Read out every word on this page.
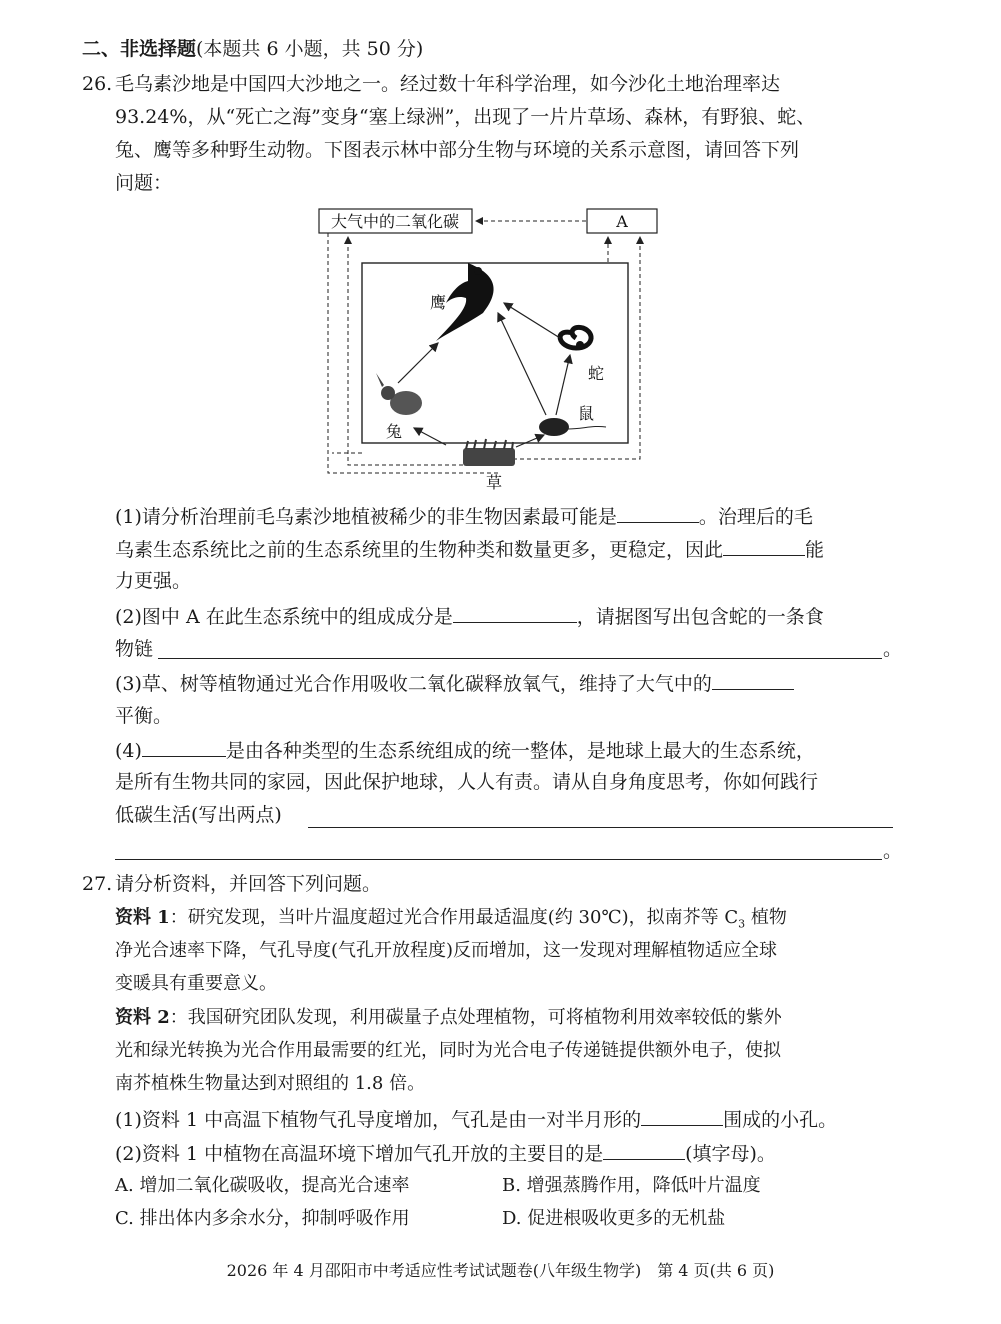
二、非选择题(本题共 6 小题，共 50 分)
26. 毛乌素沙地是中国四大沙地之一。经过数十年科学治理，如今沙化土地治理率达
93.24%，从“死亡之海”变身“塞上绿洲”，出现了一片片草场、森林，有野狼、蛇、
兔、鹰等多种野生动物。下图表示林中部分生物与环境的关系示意图，请回答下列
问题：
大气中的二氧化碳	A
鹰
蛇
兔
鼠
草
(1)请分析治理前毛乌素沙地植被稀少的非生物因素最可能是	。治理后的毛
乌素生态系统比之前的生态系统里的生物种类和数量更多，更稳定，因此	能
力更强。
(2)图中 A 在此生态系统中的组成成分是	，请据图写出包含蛇的一条食
物链	。
(3)草、树等植物通过光合作用吸收二氧化碳释放氧气，维持了大气中的
平衡。
(4)	是由各种类型的生态系统组成的统一整体，是地球上最大的生态系统，
是所有生物共同的家园，因此保护地球，人人有责。请从自身角度思考，你如何践行
低碳生活(写出两点)
。
27. 请分析资料，并回答下列问题。
资料 1：研究发现，当叶片温度超过光合作用最适温度(约 30℃)，拟南芥等 $C_3$ 植物
净光合速率下降，气孔导度(气孔开放程度)反而增加，这一发现对理解植物适应全球
变暖具有重要意义。
资料 2：我国研究团队发现，利用碳量子点处理植物，可将植物利用效率较低的紫外
光和绿光转换为光合作用最需要的红光，同时为光合电子传递链提供额外电子，使拟
南芥植株生物量达到对照组的 1.8 倍。
(1)资料 1 中高温下植物气孔导度增加，气孔是由一对半月形的	围成的小孔。
(2)资料 1 中植物在高温环境下增加气孔开放的主要目的是	(填字母)。
A. 增加二氧化碳吸收，提高光合速率	B. 增强蒸腾作用，降低叶片温度
C. 排出体内多余水分，抑制呼吸作用	D. 促进根吸收更多的无机盐
2026 年 4 月邵阳市中考适应性考试试题卷(八年级生物学)　第 4 页(共 6 页)
